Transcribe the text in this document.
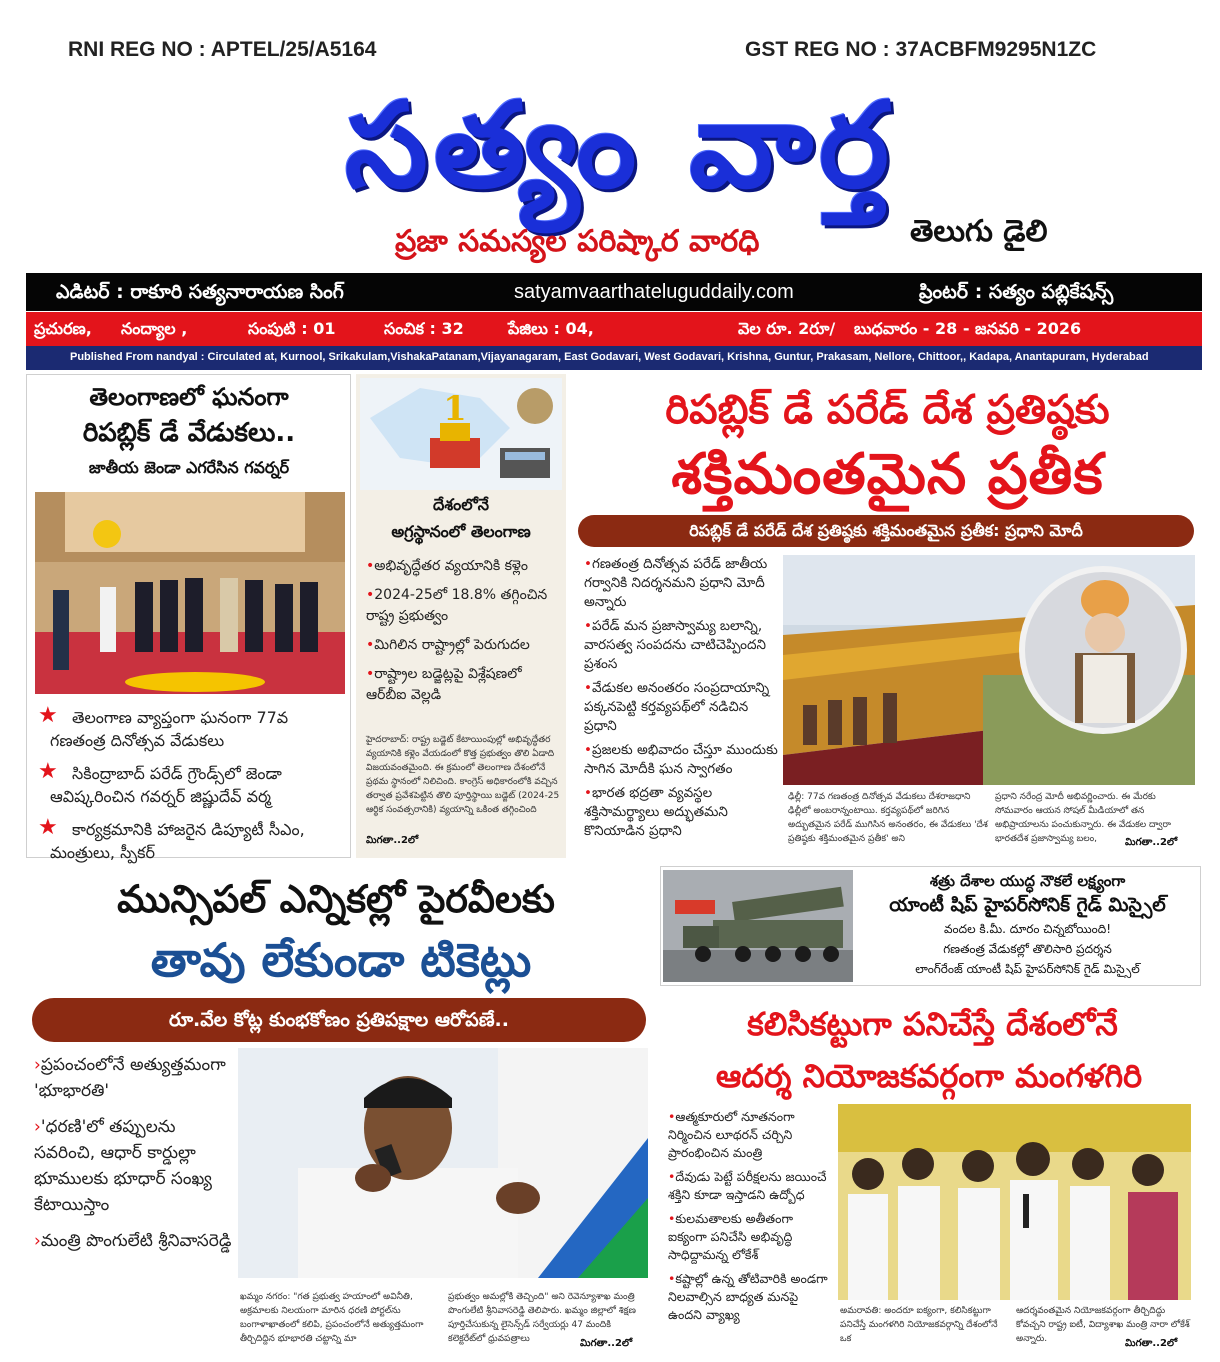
RNI REG NO : APTEL/25/A5164	GST REG NO : 37ACBFM9295N1ZC
సత్యం వార్త
ప్రజా సమస్యల పరిష్కార వారధి	తెలుగు డైలి
ఎడిటర్ : రాకూరి సత్యనారాయణ సింగ్	satyamvaarthateluguddaily.com	ప్రింటర్ : సత్యం పబ్లికేషన్స్
ప్రచురణ, నంద్యాల ,	సంపుటి : 01	సంచిక : 32	పేజిలు : 04,	వెల రూ. 2రూ/ బుధవారం - 28 - జనవరి - 2026
Published From nandyal : Circulated at, Kurnool, Srikakulam,VishakaPatanam,Vijayanagaram, East Godavari, West Godavari, Krishna, Guntur, Prakasam, Nellore, Chittoor,, Kadapa, Anantapuram, Hyderabad
తెలంగాణలో ఘనంగా
రిపబ్లిక్ డే వేడుకలు..
జాతీయ జెండా ఎగరేసిన గవర్నర్
★ తెలంగాణ వ్యాప్తంగా ఘనంగా 77వ గణతంత్ర దినోత్సవ వేడుకలు
★ సికింద్రాబాద్ పరేడ్ గ్రౌండ్స్‌లో జెండా ఆవిష్కరించిన గవర్నర్ జిష్ణుదేవ్ వర్మ
★ కార్యక్రమానికి హాజరైన డిప్యూటీ సీఎం, మంత్రులు, స్పీకర్
1
దేశంలోనే
అగ్రస్థానంలో తెలంగాణ
•అభివృద్ధేతర వ్యయానికి కళ్లెం
•2024-25లో 18.8% తగ్గించిన రాష్ట్ర ప్రభుత్వం
•మిగిలిన రాష్ట్రాల్లో పెరుగుదల
•రాష్ట్రాల బడ్జెట్లపై విశ్లేషణలో ఆర్‌బీఐ వెల్లడి
హైదరాబాద్: రాష్ట్ర బడ్జెట్ కేటాయింపుల్లో అభివృద్ధేతర వ్యయానికి కళ్లెం వేయడంలో కొత్త ప్రభుత్వం తొలి ఏడాది విజయవంతమైంది. ఈ క్రమంలో తెలంగాణ దేశంలోనే ప్రథమ స్థానంలో నిలిచింది. కాంగ్రెస్ అధికారంలోకి వచ్చిన తర్వాత ప్రవేశపెట్టిన తొలి పూర్తిస్థాయి బడ్జెట్ (2024-25 ఆర్థిక సంవత్సరానికి) వ్యయాన్ని ఒకింత తగ్గించింది
మిగతా..2లో
రిపబ్లిక్ డే పరేడ్ దేశ ప్రతిష్ఠకు
శక్తిమంతమైన ప్రతీక
రిపబ్లిక్ డే పరేడ్ దేశ ప్రతిష్ఠకు శక్తిమంతమైన ప్రతీక: ప్రధాని మోదీ
•గణతంత్ర దినోత్సవ పరేడ్ జాతీయ గర్వానికి నిదర్శనమని ప్రధాని మోదీ అన్నారు
•పరేడ్ మన ప్రజాస్వామ్య బలాన్ని, వారసత్వ సంపదను చాటిచెప్పిందని ప్రశంస
•వేడుకల అనంతరం సంప్రదాయాన్ని పక్కనపెట్టి కర్తవ్యపథ్‌లో నడిచిన ప్రధాని
•ప్రజలకు అభివాదం చేస్తూ ముందుకు సాగిన మోదీకి ఘన స్వాగతం
•భారత భద్రతా వ్యవస్థల శక్తిసామర్థ్యాలు అద్భుతమని కొనియాడిన ప్రధాని
ఢిల్లీ: 77వ గణతంత్ర దినోత్సవ వేడుకలు దేశరాజధాని ఢిల్లీలో అంబరాన్నంటాయి. కర్తవ్యపథ్‌లో జరిగిన అద్భుతమైన పరేడ్ ముగిసిన అనంతరం, ఈ వేడుకలు 'దేశ ప్రతిష్ఠకు శక్తిమంతమైన ప్రతీక' అని
ప్రధాని నరేంద్ర మోదీ అభివర్ణించారు. ఈ మేరకు సోమవారం ఆయన సోషల్ మీడియాలో తన అభిప్రాయాలను పంచుకున్నారు. ఈ వేడుకల ద్వారా భారతదేశ ప్రజాస్వామ్య బలం,	మిగతా..2లో
శత్రు దేశాల యుద్ధ నౌకలే లక్ష్యంగా
యాంటీ షిప్ హైపర్‌సోనిక్ గైడ్ మిస్సైల్
వందల కి.మీ. దూరం చిన్నబోయింది!
గణతంత్ర వేడుకల్లో తొలిసారి ప్రదర్శన
లాంగ్‌రేంజ్ యాంటీ షిప్ హైపర్‌సోనిక్ గైడ్ మిస్సైల్
మున్సిపల్ ఎన్నికల్లో పైరవీలకు
తావు లేకుండా టికెట్లు
రూ.వేల కోట్ల కుంభకోణం ప్రతిపక్షాల ఆరోపణే..
›ప్రపంచంలోనే అత్యుత్తమంగా 'భూభారతి'
›'ధరణి'లో తప్పులను సవరించి, ఆధార్ కార్డుల్లా భూములకు భూధార్ సంఖ్య కేటాయిస్తాం
›మంత్రి పొంగులేటి శ్రీనివాసరెడ్డి
ఖమ్మం నగరం: "గత ప్రభుత్వ హయాంలో అవినీతి, అక్రమాలకు నిలయంగా మారిన ధరణి పోర్టల్‌ను బంగాళాఖాతంలో కలిపి, ప్రపంచంలోనే అత్యుత్తమంగా తీర్చిదిద్దిన భూభారతి చట్టాన్ని మా
ప్రభుత్వం అమల్లోకి తెచ్చింది" అని రెవెన్యూశాఖ మంత్రి పొంగులేటి శ్రీనివాసరెడ్డి తెలిపారు. ఖమ్మం జిల్లాలో శిక్షణ పూర్తిచేసుకున్న లైసెన్స్‌డ్ సర్వేయర్లు 47 మందికి కలెక్టరేట్‌లో ధ్రువపత్రాలు	మిగతా..2లో
కలిసికట్టుగా పనిచేస్తే దేశంలోనే
ఆదర్శ నియోజకవర్గంగా మంగళగిరి
•ఆత్మకూరులో నూతనంగా నిర్మించిన లూథరన్ చర్చిని ప్రారంభించిన మంత్రి
•దేవుడు పెట్టే పరీక్షలను జయించే శక్తిని కూడా ఇస్తాడని ఉద్బోధ
•కులమతాలకు అతీతంగా ఐక్యంగా పనిచేసి అభివృద్ధి సాధిద్దామన్న లోకేశ్
•కష్టాల్లో ఉన్న తోటివారికి అండగా నిలవాల్సిన బాధ్యత మనపై ఉందని వ్యాఖ్య	అమరావతి: అందరూ ఐక్యంగా, కలిసికట్టుగా పనిచేస్తే మంగళగిరి నియోజకవర్గాన్ని దేశంలోనే ఒక
ఆదర్శవంతమైన నియోజకవర్గంగా తీర్చిదిద్దు కోవచ్చని రాష్ట్ర ఐటీ, విద్యాశాఖ మంత్రి నారా లోకేశ్ అన్నారు.	మిగతా..2లో
